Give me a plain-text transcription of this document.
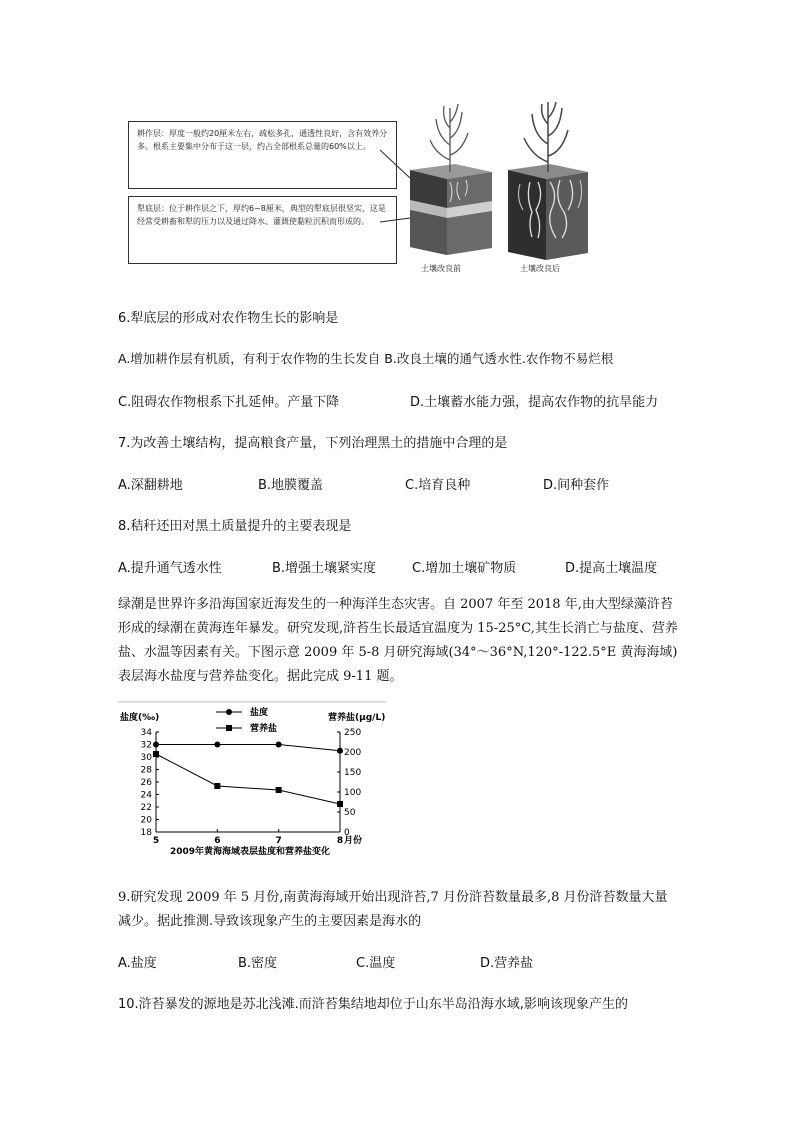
耕作层：厚度一般约20厘米左右，疏松多孔，通透性良好，含有效养分多。根系主要集中分布于这一层，约占全部根系总量的60%以上。
犁底层：位于耕作层之下，厚约6~8厘米，典型的犁底层很坚实，这是经常受耕畜和犁的压力以及通过降水、灌溉使黏粒沉积而形成的。
土壤改良前	土壤改良后
6.犁底层的形成对农作物生长的影响是
A.增加耕作层有机质，有利于农作物的生长发自 B.改良土壤的通气透水性.农作物不易烂根
C.阻碍农作物根系下扎延伸。产量下降	D.土壤蓄水能力强，提高农作物的抗旱能力
7.为改善土壤结构，提高粮食产量，下列治理黑土的措施中合理的是
A.深翻耕地	B.地膜覆盖	C.培育良种	D.间种套作
8.秸秆还田对黑土质量提升的主要表现是
A.提升通气透水性	B.增强土壤紧实度	C.增加土壤矿物质	D.提高土壤温度
绿潮是世界许多沿海国家近海发生的一种海洋生态灾害。自 2007 年至 2018 年,由大型绿藻浒苔形成的绿潮在黄海连年暴发。研究发现,浒苔生长最适宜温度为 15-25°C,其生长消亡与盐度、营养盐、水温等因素有关。下图示意 2009 年 5-8 月研究海域(34°～36°N,120°-122.5°E 黄海海域)表层海水盐度与营养盐变化。据此完成 9-11 题。
盐度(‰)	营养盐(μg/L)
盐度
营养盐
18
20
22
24
26
28
30
32
34
0
50
100
150
200
250
5	6	7	8 月份
2009年黄海海域表层盐度和营养盐变化
9.研究发现 2009 年 5 月份,南黄海海域开始出现浒苔,7 月份浒苔数量最多,8 月份浒苔数量大量减少。据此推测.导致该现象产生的主要因素是海水的
A.盐度	B.密度	C.温度	D.营养盐
10.浒苔暴发的源地是苏北浅滩.而浒苔集结地却位于山东半岛沿海水域,影响该现象产生的
